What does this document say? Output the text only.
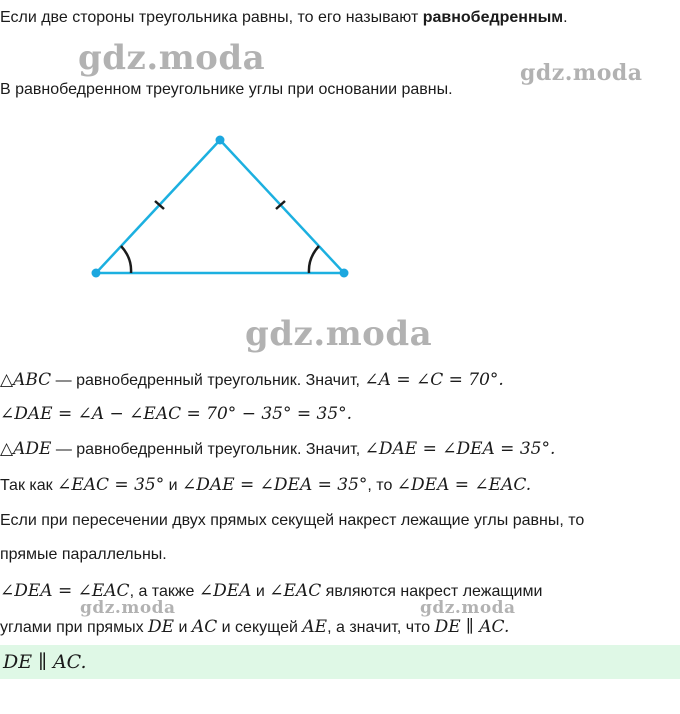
Если две стороны треугольника равны, то его называют равнобедренным.
В равнобедренном треугольнике углы при основании равны.
gdz.moda	gdz.moda
gdz.moda
gdz.moda	gdz.moda
△ABC — равнобедренный треугольник. Значит, ∠A = ∠C = 70°.
∠DAE = ∠A − ∠EAC = 70° − 35° = 35°.
△ADE — равнобедренный треугольник. Значит, ∠DAE = ∠DEA = 35°.
Так как ∠EAC = 35° и ∠DAE = ∠DEA = 35°, то ∠DEA = ∠EAC.
Если при пересечении двух прямых секущей накрест лежащие углы равны, то
прямые параллельны.
∠DEA = ∠EAC, а также ∠DEA и ∠EAC являются накрест лежащими
углами при прямых DE и AC и секущей AE, а значит, что DE ∥ AC.
DE ∥ AC.
